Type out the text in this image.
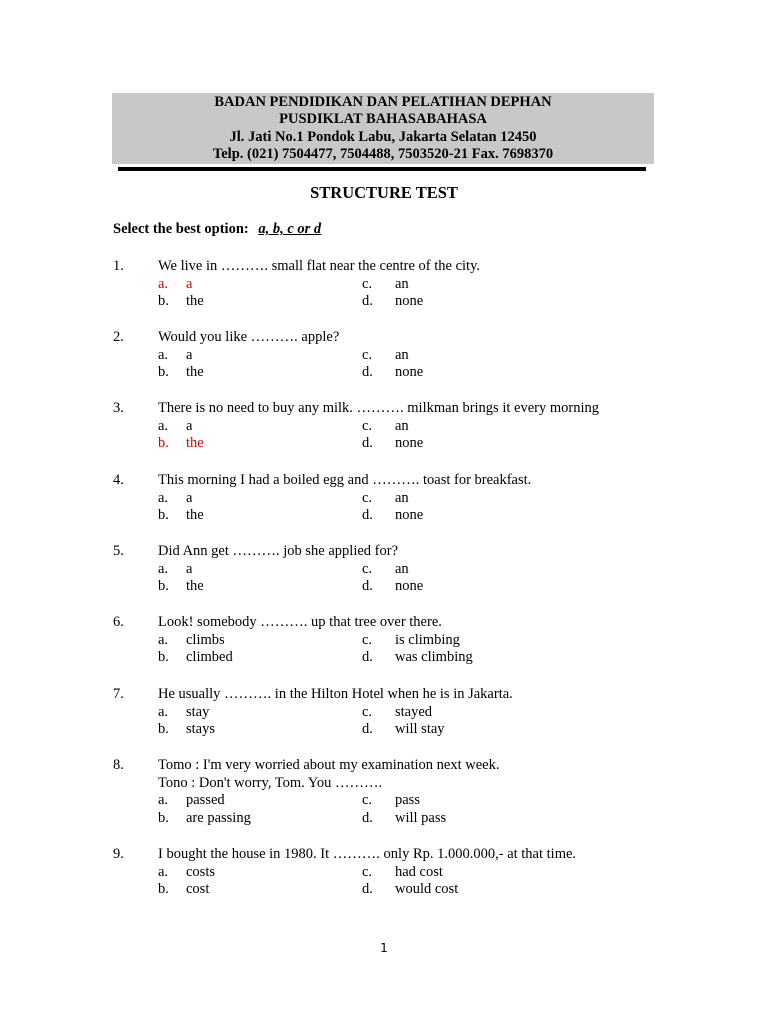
BADAN PENDIDIKAN DAN PELATIHAN DEPHAN
PUSDIKLAT BAHASABAHASA
Jl. Jati No.1 Pondok Labu, Jakarta Selatan 12450
Telp. (021) 7504477, 7504488, 7503520-21 Fax. 7698370
STRUCTURE TEST
Select the best option: a, b, c or d
1. We live in ………. small flat near the centre of the city.
a. a	c. an
b. the	d. none
2. Would you like ………. apple?
a. a	c. an
b. the	d. none
3. There is no need to buy any milk. ………. milkman brings it every morning
a. a	c. an
b. the	d. none
4. This morning I had a boiled egg and ………. toast for breakfast.
a. a	c. an
b. the	d. none
5. Did Ann get ………. job she applied for?
a. a	c. an
b. the	d. none
6. Look! somebody ………. up that tree over there.
a. climbs	c. is climbing
b. climbed	d. was climbing
7. He usually ………. in the Hilton Hotel when he is in Jakarta.
a. stay	c. stayed
b. stays	d. will stay
8. Tomo : I'm very worried about my examination next week.
Tono : Don't worry, Tom. You ……….
a. passed	c. pass
b. are passing	d. will pass
9. I bought the house in 1980. It ………. only Rp. 1.000.000,- at that time.
a. costs	c. had cost
b. cost	d. would cost
1
